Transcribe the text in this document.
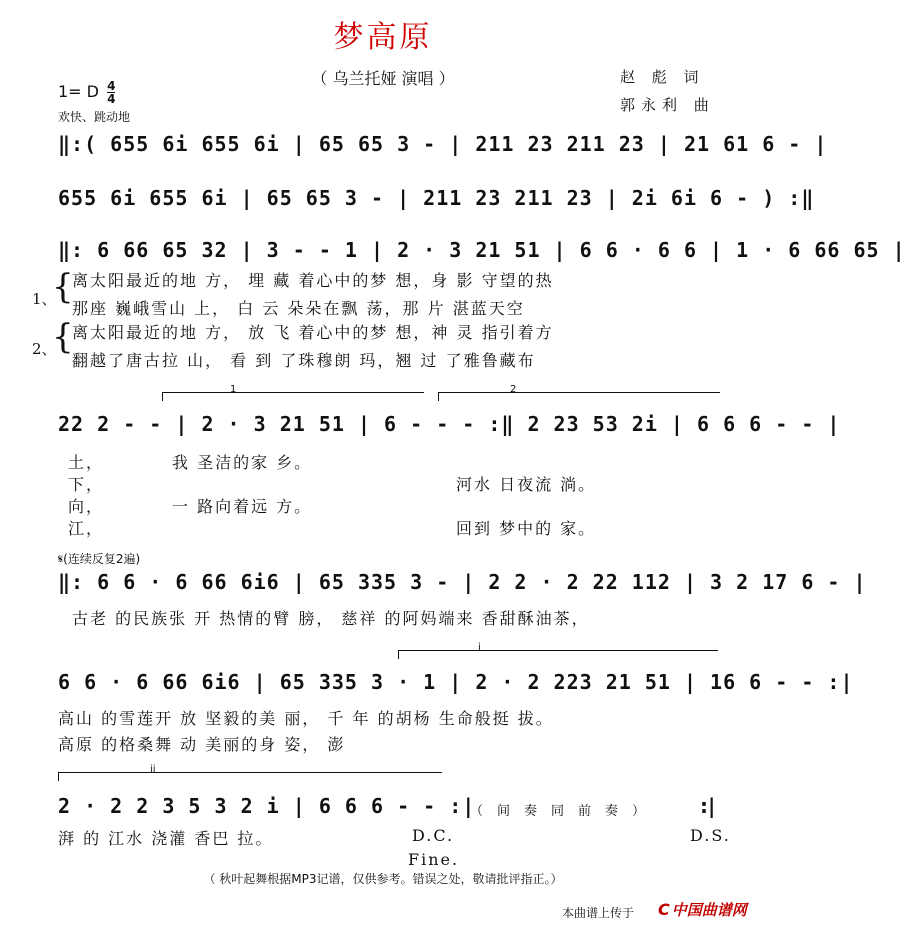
梦高原
（ 乌兰托娅 演唱 ）	赵 彪 词
郭永利 曲
1= D $\frac{4}{4}$
欢快、跳动地
‖:( 655 6i 655 6i | 65 65 3 - | 211 23 211 23 | 21 61 6 - |
655 6i 655 6i | 65 65 3 - | 211 23 211 23 | 2i 6i 6 - ) :‖
‖: 6 66 65 32 | 3 - - 1 | 2 · 3 21 51 | 6 6 · 6 6 | 1 · 6 66 65 |
1、
{
离太阳最近的地 方， 埋 藏 着心中的梦 想，身 影 守望的热
那座 巍峨雪山 上， 白 云 朵朵在飘 荡，那 片 湛蓝天空
2、
{
离太阳最近的地 方， 放 飞 着心中的梦 想，神 灵 指引着方
翻越了唐古拉 山， 看 到 了珠穆朗 玛，翘 过 了雅鲁藏布
1	2
22 2 - - | 2 · 3 21 51 | 6 - - - :‖ 2 23 53 2i | 6 6 6 - - |
土，	我 圣洁的家 乡。
下，	河水 日夜流 淌。
向，	一 路向着远 方。
江，	回到 梦中的 家。
𝄋(连续反复2遍)
‖: 6 6 · 6 66 6i6 | 65 335 3 - | 2 2 · 2 22 112 | 3 2 17 6 - |
古老 的民族张 开 热情的臂 膀， 慈祥 的阿妈端来 香甜酥油茶，
i
6 6 · 6 66 6i6 | 65 335 3 · 1 | 2 · 2 223 21 51 | 16 6 - - :|
高山 的雪莲开 放 坚毅的美 丽， 千 年 的胡杨 生命般挺 拔。
高原 的格桑舞 动 美丽的身 姿， 澎
ii
2 · 2 2 3 5 3 2 i | 6 6 6 - - :|
（间奏同前奏） :|
湃 的 江水 浇灌 香巴 拉。	D.C.	D.S.
Fine.
（ 秋叶起舞根据MP3记谱，仅供参考。错误之处，敬请批评指正。）
本曲谱上传于 C 中国曲谱网
